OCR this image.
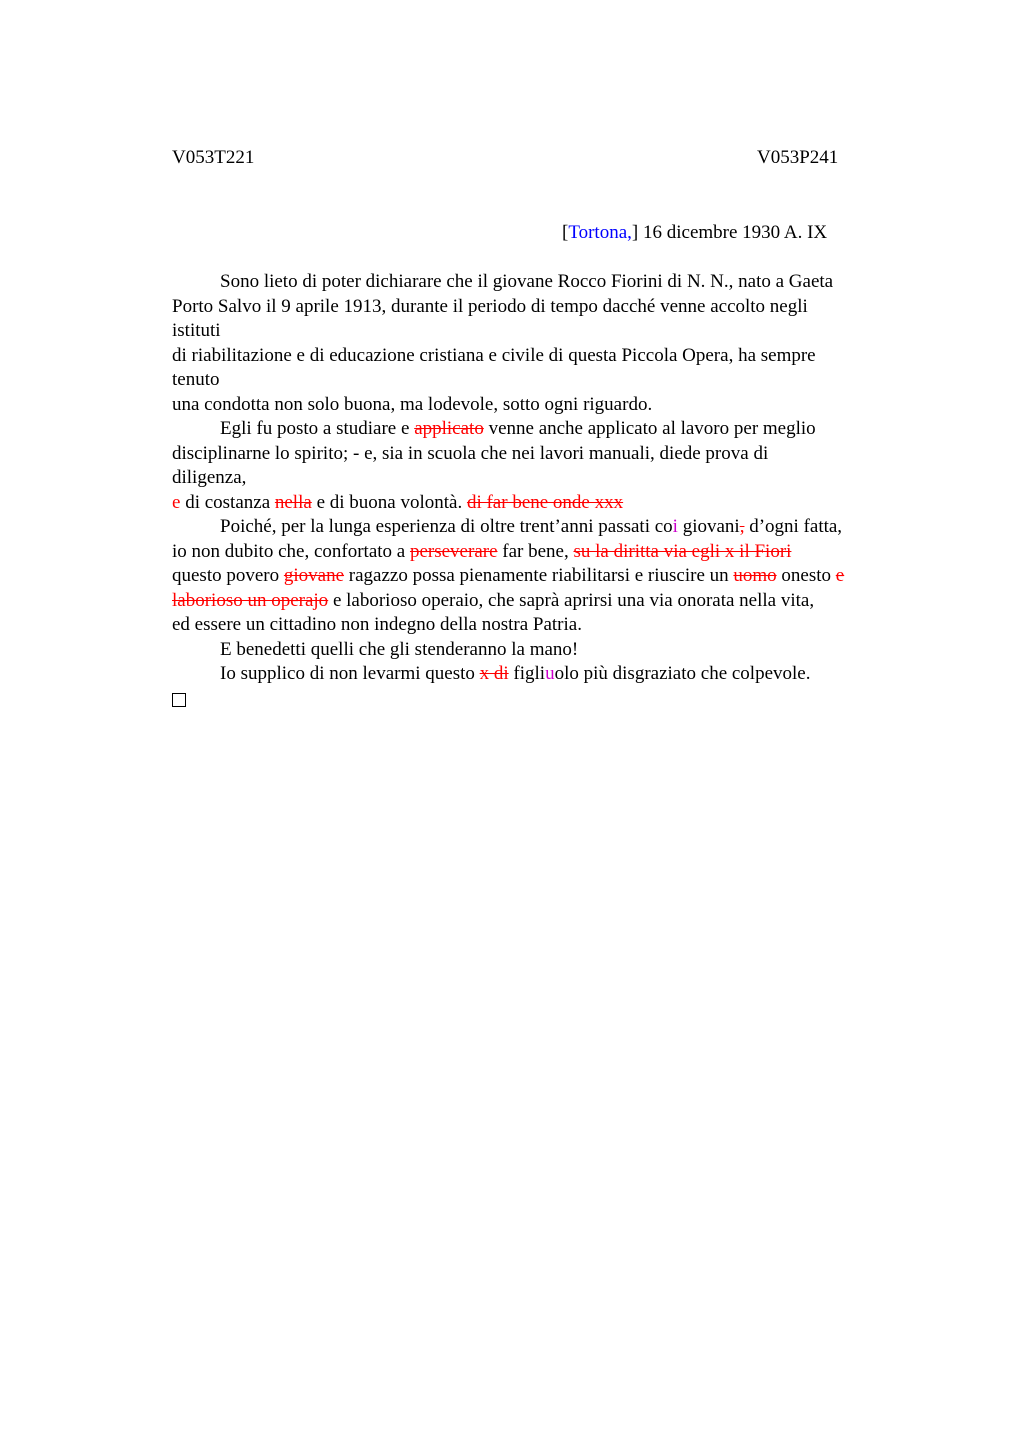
V053T221	V053P241
[Tortona,] 16 dicembre 1930 A. IX
Sono lieto di poter dichiarare che il giovane Rocco Fiorini di N. N., nato a Gaeta
Porto Salvo il 9 aprile 1913, durante il periodo di tempo dacché venne accolto negli
istituti
di riabilitazione e di educazione cristiana e civile di questa Piccola Opera, ha sempre
tenuto
una condotta non solo buona, ma lodevole, sotto ogni riguardo.
Egli fu posto a studiare e applicato venne anche applicato al lavoro per meglio
disciplinarne lo spirito; - e, sia in scuola che nei lavori manuali, diede prova di
diligenza,
e di costanza nella e di buona volontà. di far bene onde xxx
Poiché, per la lunga esperienza di oltre trent’anni passati coi giovani, d’ogni fatta,
io non dubito che, confortato a perseverare far bene, su la diritta via egli x il Fiori
questo povero giovane ragazzo possa pienamente riabilitarsi e riuscire un uomo onesto e
laborioso un operajo e laborioso operaio, che saprà aprirsi una via onorata nella vita,
ed essere un cittadino non indegno della nostra Patria.
E benedetti quelli che gli stenderanno la mano!
Io supplico di non levarmi questo x di figliuolo più disgraziato che colpevole.
